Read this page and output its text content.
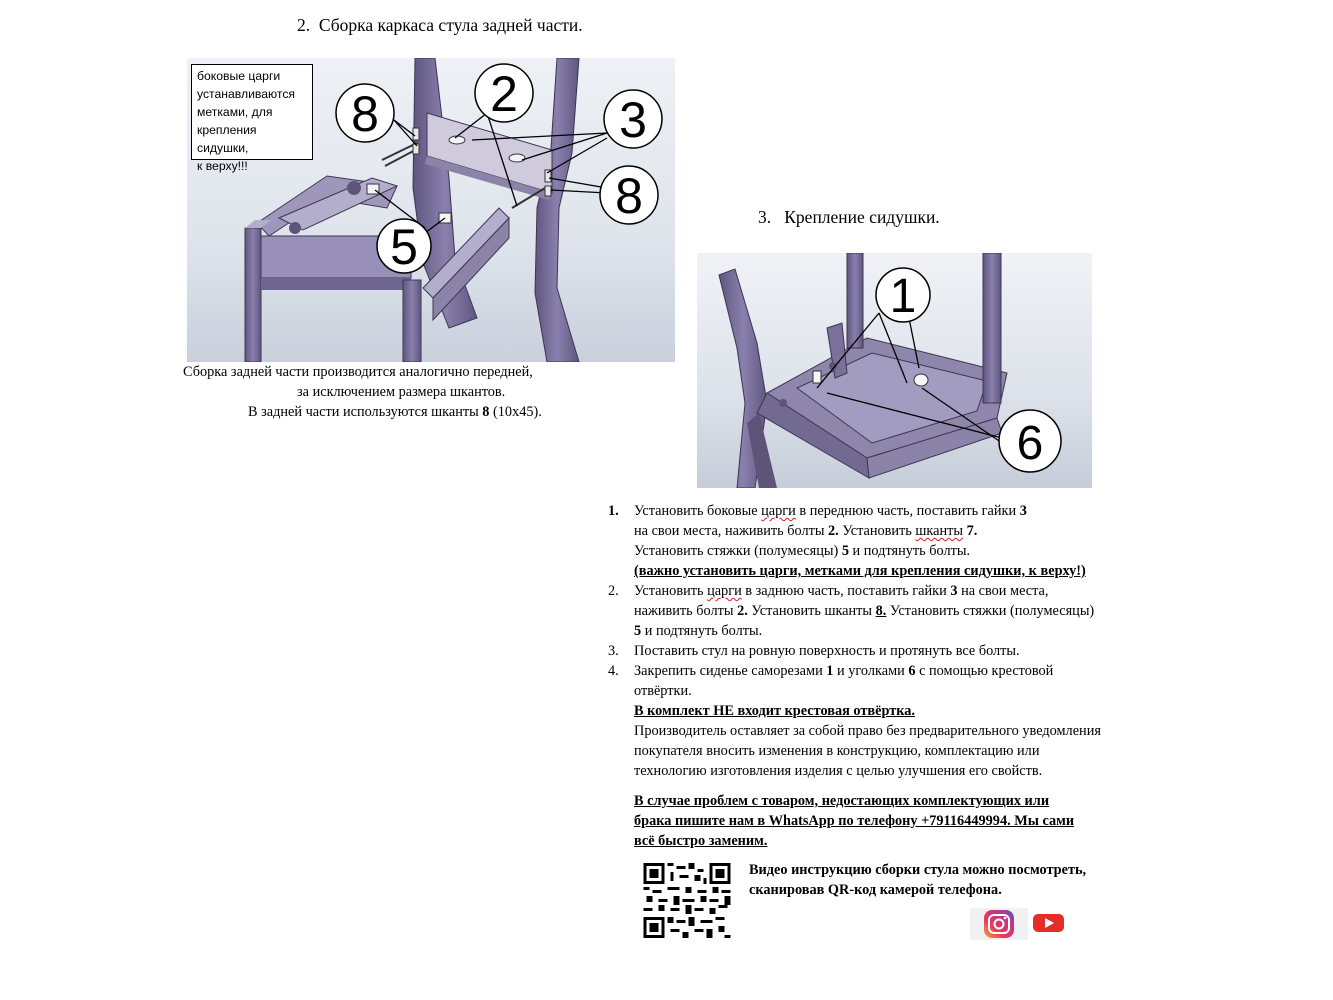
2. Сборка каркаса стула задней части.
3. Крепление сидушки.
8 2 3
8
5
боковые царги
устанавливаются
метками, для
крепления сидушки,
к верху!!!
Сборка задней части производится аналогично передней,
за исключением размера шкантов.
В задней части используются шканты 8 (10х45).
1
6
1.	Установить боковые царги в переднюю часть, поставить гайки 3
на свои места, наживить болты 2. Установить шканты 7.
Установить стяжки (полумесяцы) 5 и подтянуть болты.
(важно установить царги, метками для крепления сидушки, к верху!)
2.	Установить царги в заднюю часть, поставить гайки 3 на свои места,
наживить болты 2. Установить шканты 8. Установить стяжки (полумесяцы)
5 и подтянуть болты.
3.	Поставить стул на ровную поверхность и протянуть все болты.
4.	Закрепить сиденье саморезами 1 и уголками 6 с помощью крестовой
отвёртки.
В комплект НЕ входит крестовая отвёртка.
Производитель оставляет за собой право без предварительного уведомления
покупателя вносить изменения в конструкцию, комплектацию или
технологию изготовления изделия с целью улучшения его свойств.
В случае проблем с товаром, недостающих комплектующих или
брака пишите нам в WhatsApp по телефону +79116449994. Мы сами
всё быстро заменим.
Видео инструкцию сборки стула можно посмотреть,
сканировав QR-код камерой телефона.
